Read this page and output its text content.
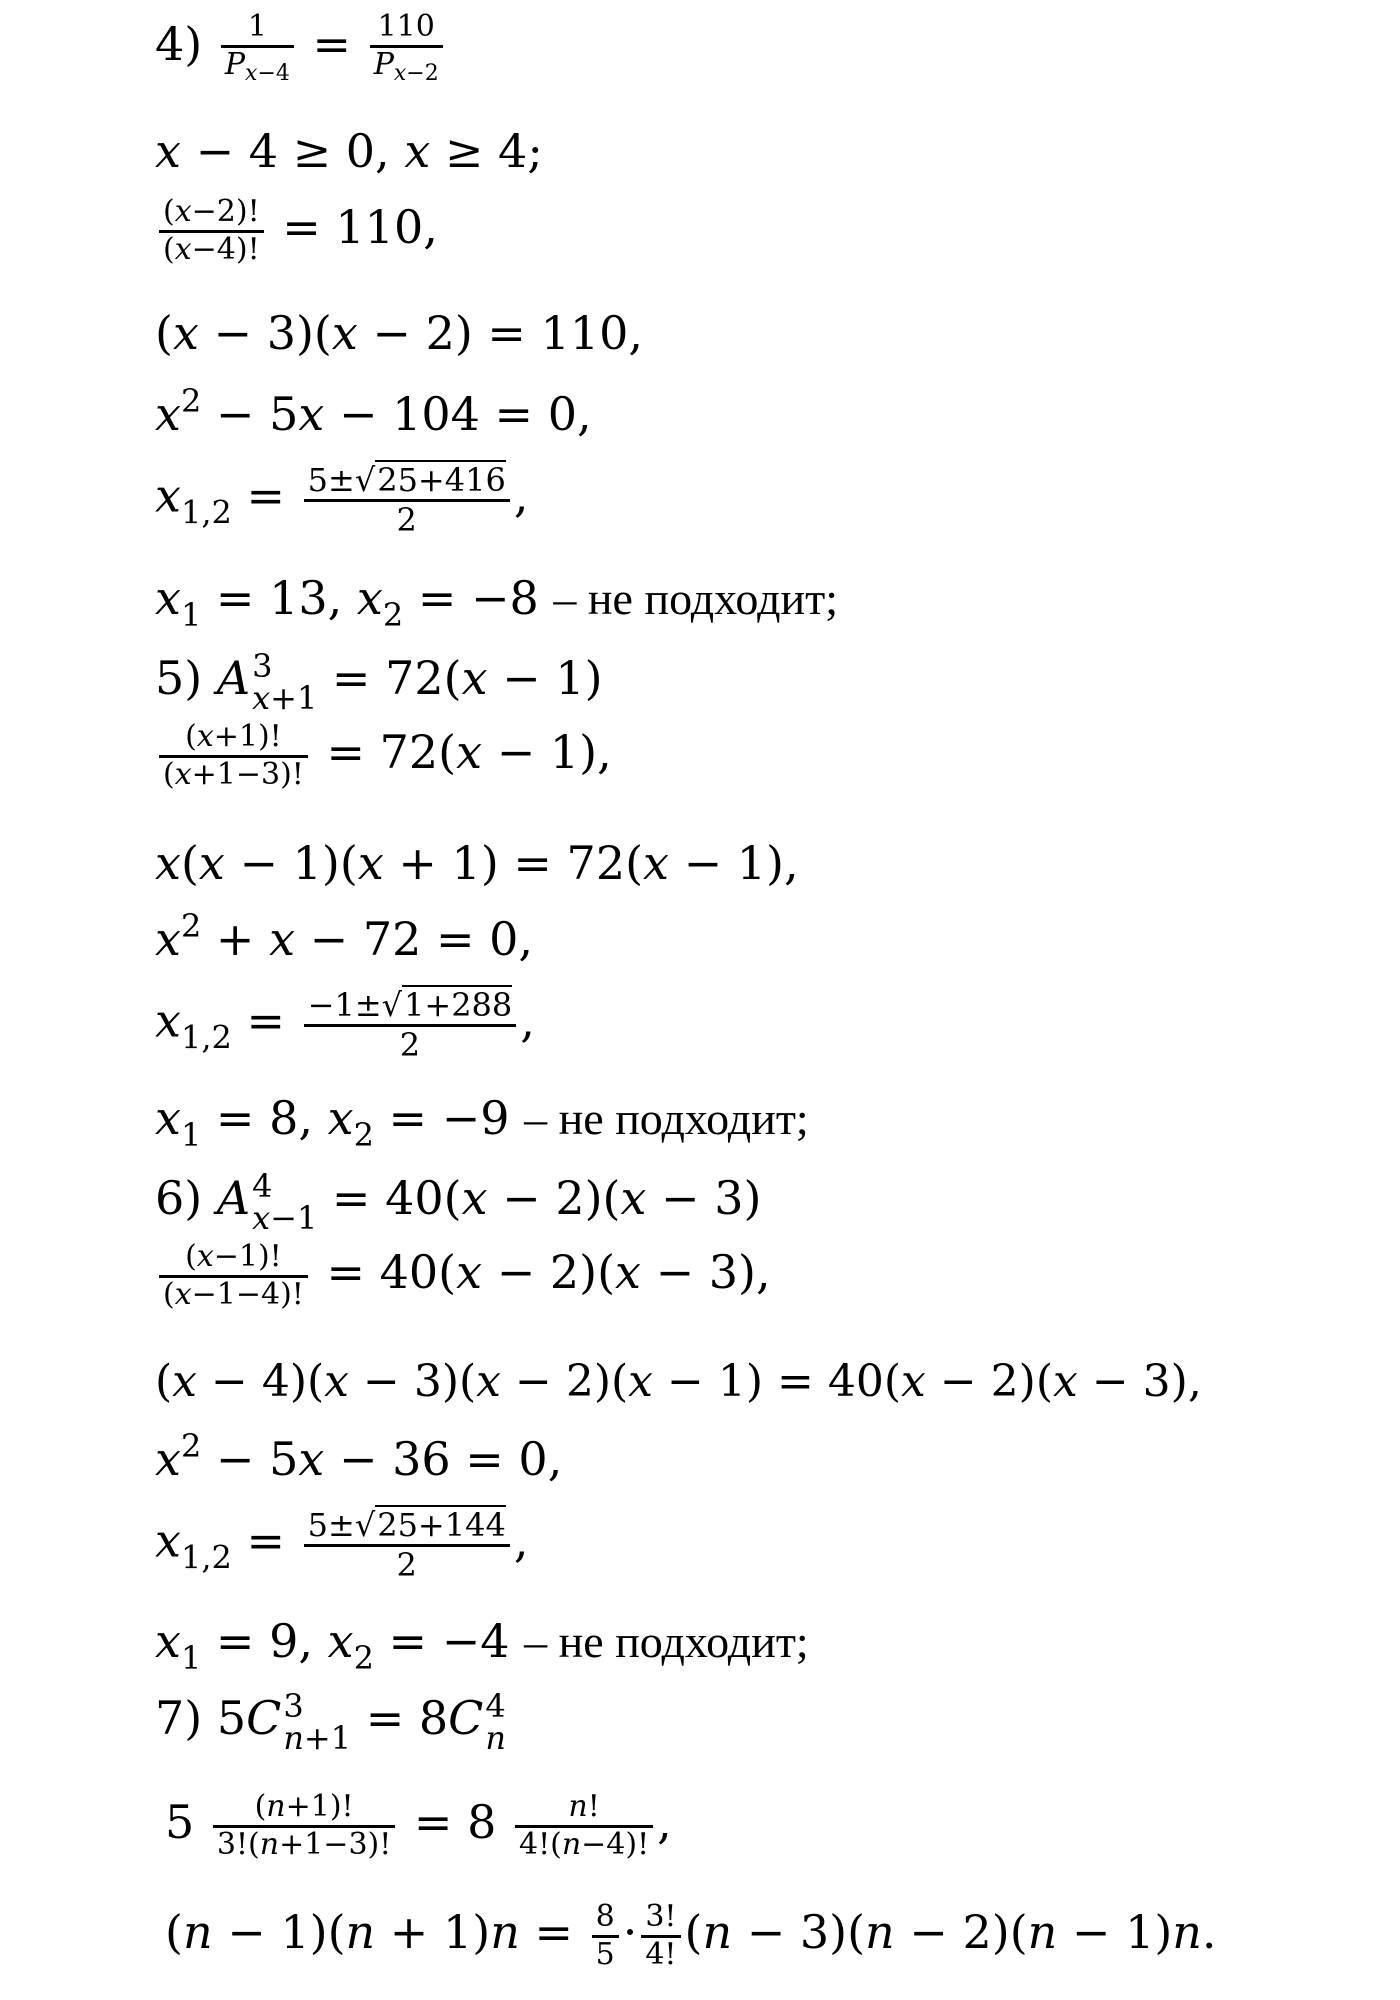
$4) \frac{1}{P_{x-4}} = \frac{110}{P_{x-2}}$
x − 4 ≥ 0, x ≥ 4;
$\frac{(x-2)!}{(x-4)!} = 110$,
(x − 3)(x − 2) = 110,
$x^2 - 5x - 104 = 0$,
$x_{1,2} = \frac{5\pm√25+416}{2}$ ,
$x_1 = 13$, $x_2 = -8$ – не подходит;
5) A 3
x+1 = 72(x − 1)
$\frac{(x+1)!}{(x+1-3)!} = 72(x - 1)$,
x(x − 1)(x + 1) = 72(x − 1),
$x^2 + x - 72 = 0$,
$x_{1,2} = \frac{-1\pm√1+288}{2}$ ,
$x_1 = 8$, $x_2 = -9$ – не подходит;
6) A 4
x−1 = 40(x − 2)(x − 3)
$\frac{(x-1)!}{(x-1-4)!} = 40(x - 2)(x - 3)$,
(x − 4)(x − 3)(x − 2)(x − 1) = 40(x − 2)(x − 3),
$x^2 - 5x - 36 = 0$,
$x_{1,2} = \frac{5\pm√25+144}{2}$ ,
$x_1 = 9$, $x_2 = -4$ – не подходит;
7) 5C 3
n+1 = 8C 4
n
$5 \frac{(n+1)!}{3!(n+1-3)!} = 8 \frac{n!}{4!(n-4)!}$ ,
$(n - 1)(n + 1)n = \frac{8}{5} \cdot \frac{3!}{4!} (n - 3)(n - 2)(n - 1)n$.
